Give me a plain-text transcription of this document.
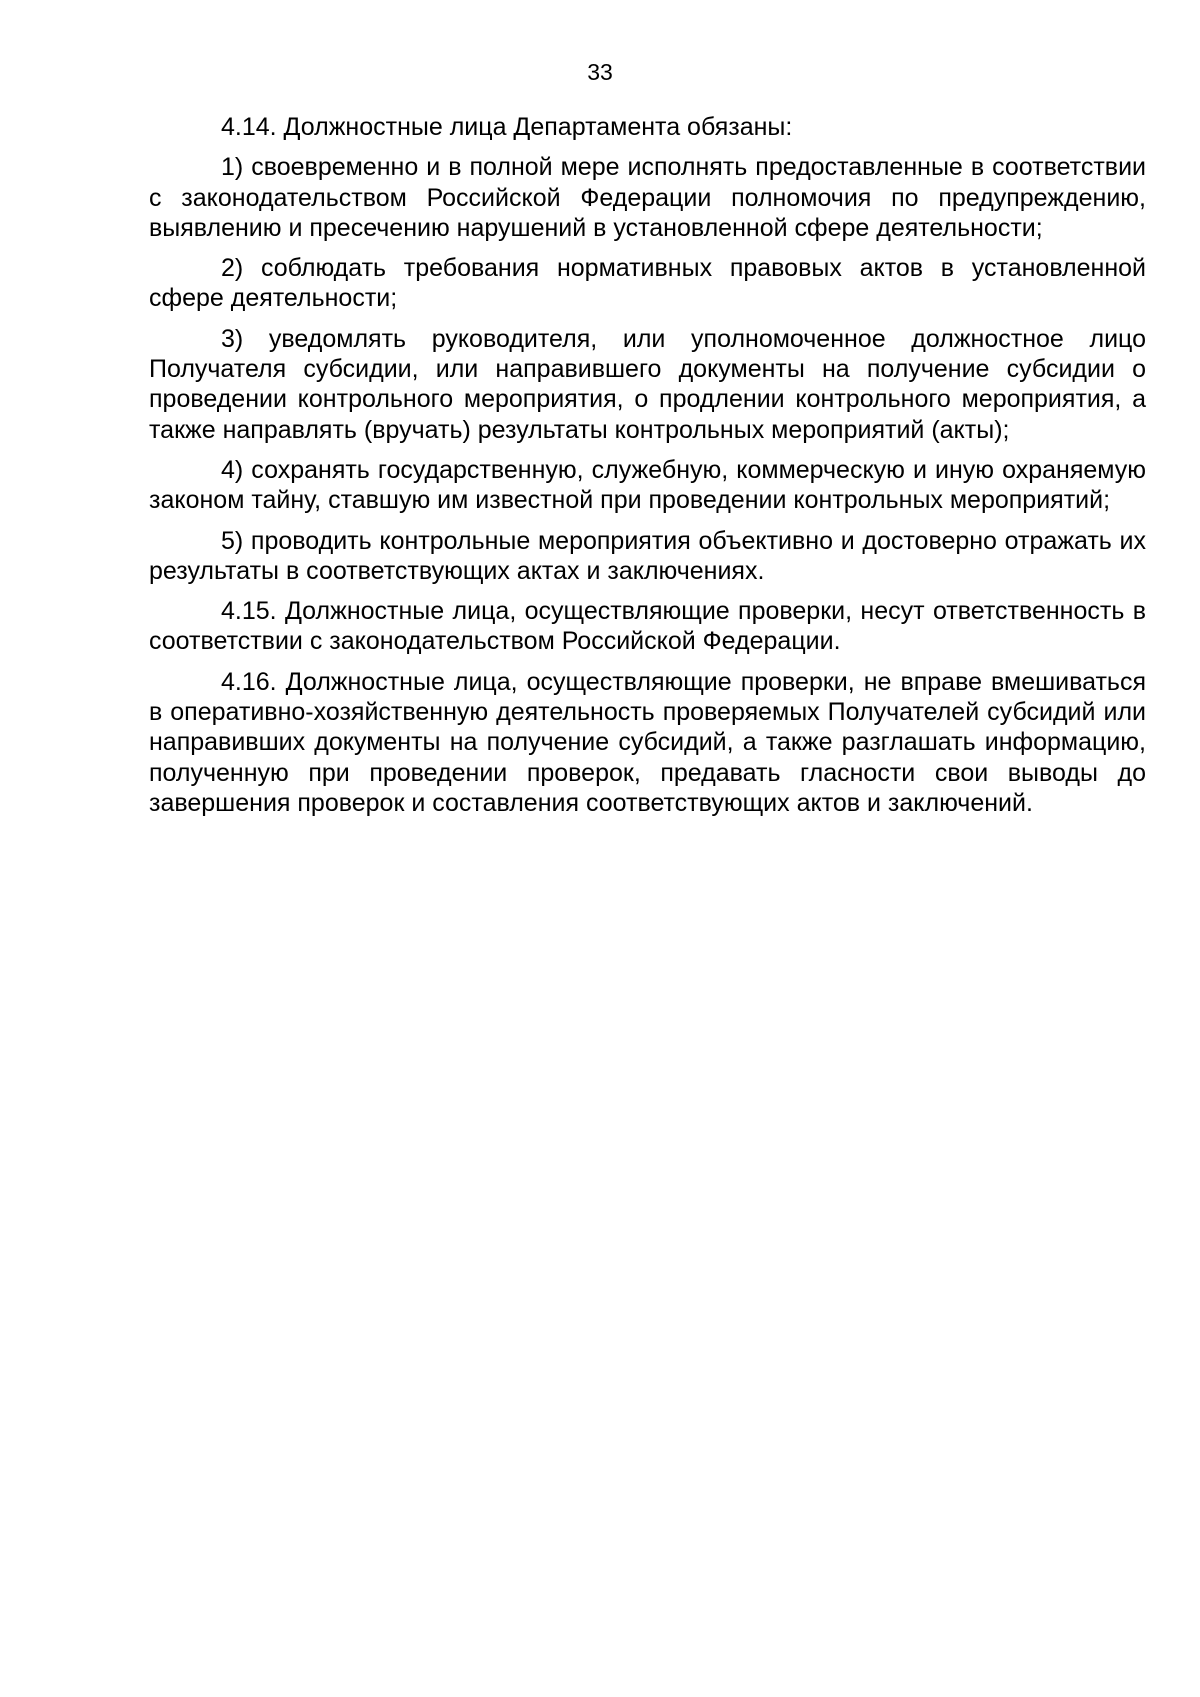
33

4.14. Должностные лица Департамента обязаны:

1) своевременно и в полной мере исполнять предоставленные в соответствии с законодательством Российской Федерации полномочия по предупреждению, выявлению и пресечению нарушений в установленной сфере деятельности;

2) соблюдать требования нормативных правовых актов в установленной сфере деятельности;

3) уведомлять руководителя, или уполномоченное должностное лицо Получателя субсидии, или направившего документы на получение субсидии о проведении контрольного мероприятия, о продлении контрольного мероприятия, а также направлять (вручать) результаты контрольных мероприятий (акты);

4) сохранять государственную, служебную, коммерческую и иную охраняемую законом тайну, ставшую им известной при проведении контрольных мероприятий;

5) проводить контрольные мероприятия объективно и достоверно отражать их результаты в соответствующих актах и заключениях.

4.15. Должностные лица, осуществляющие проверки, несут ответственность в соответствии с законодательством Российской Федерации.

4.16. Должностные лица, осуществляющие проверки, не вправе вмешиваться в оперативно-хозяйственную деятельность проверяемых Получателей субсидий или направивших документы на получение субсидий, а также разглашать информацию, полученную при проведении проверок, предавать гласности свои выводы до завершения проверок и составления соответствующих актов и заключений.
